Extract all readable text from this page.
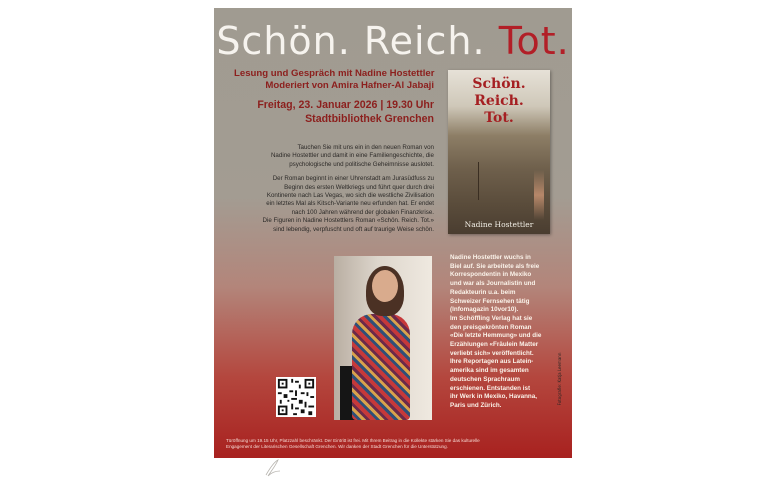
Schön. Reich. Tot.
Lesung und Gespräch mit Nadine Hostettler
Moderiert von Amira Hafner-Al Jabaji
Freitag, 23. Januar 2026 | 19.30 Uhr
Stadtbibliothek Grenchen

Tauchen Sie mit uns ein in den neuen Roman von
Nadine Hostettler und damit in eine Familiengeschichte, die
psychologische und politische Geheimnisse auslotet.

Der Roman beginnt in einer Uhrenstadt am Jurasüdfuss zu
Beginn des ersten Weltkriegs und führt quer durch drei
Kontinente nach Las Vegas, wo sich die westliche Zivilisation
ein letztes Mal als Kitsch-Variante neu erfunden hat. Er endet
nach 100 Jahren während der globalen Finanzkrise.
Die Figuren in Nadine Hostettlers Roman «Schön. Reich. Tot.»
sind lebendig, verpfuscht und oft auf traurige Weise schön.

Schön.
Reich.
Tot.
Nadine Hostettler
Nadine Hostettler wuchs in
Biel auf. Sie arbeitete als freie
Korrespondentin in Mexiko
und war als Journalistin und
Redakteurin u.a. beim
Schweizer Fernsehen tätig
(Infomagazin 10vor10).
Im Schöffling Verlag hat sie
den preisgekrönten Roman
«Die letzte Hemmung» und die
Erzählungen «Fräulein Matter
verliebt sich» veröffentlicht.
Ihre Reportagen aus Latein-
amerika sind im gesamten
deutschen Sprachraum
erschienen. Entstanden ist
ihr Werk in Mexiko, Havanna,
Paris und Zürich.
Fotografie: Katja Leemann
Türöffnung um 19.15 Uhr, Platzzahl beschränkt. Der Eintritt ist frei. Mit Ihrem Beitrag in die Kollekte stärken Sie das kulturelle
Engagement der Literarischen Gesellschaft Grenchen. Wir danken der Stadt Grenchen für die Unterstützung.
